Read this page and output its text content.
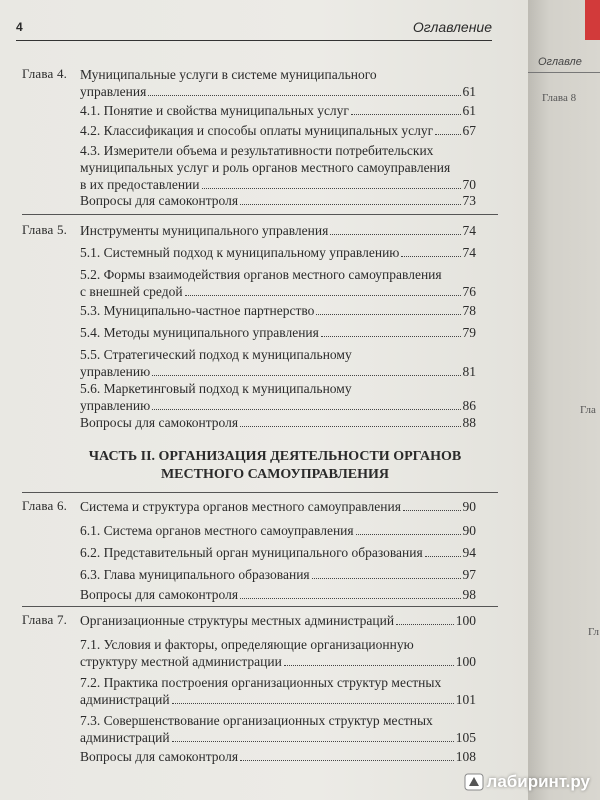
4	Оглавление
Глава 4. Муниципальные услуги в системе муниципального
управления	61
4.1. Понятие и свойства муниципальных услуг	61
4.2. Классификация и способы оплаты муниципальных услуг 67
4.3. Измерители объема и результативности потребительских
муниципальных услуг и роль органов местного самоуправления
в их предоставлении	70
Вопросы для самоконтроля	73
Глава 5. Инструменты муниципального управления	74
5.1. Системный подход к муниципальному управлению	74
5.2. Формы взаимодействия органов местного самоуправления
с внешней средой	76
5.3. Муниципально-частное партнерство	78
5.4. Методы муниципального управления	79
5.5. Стратегический подход к муниципальному
управлению	81
5.6. Маркетинговый подход к муниципальному
управлению	86
Вопросы для самоконтроля	88
ЧАСТЬ II. ОРГАНИЗАЦИЯ ДЕЯТЕЛЬНОСТИ ОРГАНОВ
МЕСТНОГО САМОУПРАВЛЕНИЯ
Глава 6. Система и структура органов местного самоуправления	90
6.1. Система органов местного самоуправления	90
6.2. Представительный орган муниципального образования	94
6.3. Глава муниципального образования	97
Вопросы для самоконтроля	98
Глава 7. Организационные структуры местных администраций	100
7.1. Условия и факторы, определяющие организационную
структуру местной администрации	100
7.2. Практика построения организационных структур местных
администраций	101
7.3. Совершенствование организационных структур местных
администраций	105
Вопросы для самоконтроля	108
Оглавле
Глава 8
Гла
Гл
лабиринт.ру
